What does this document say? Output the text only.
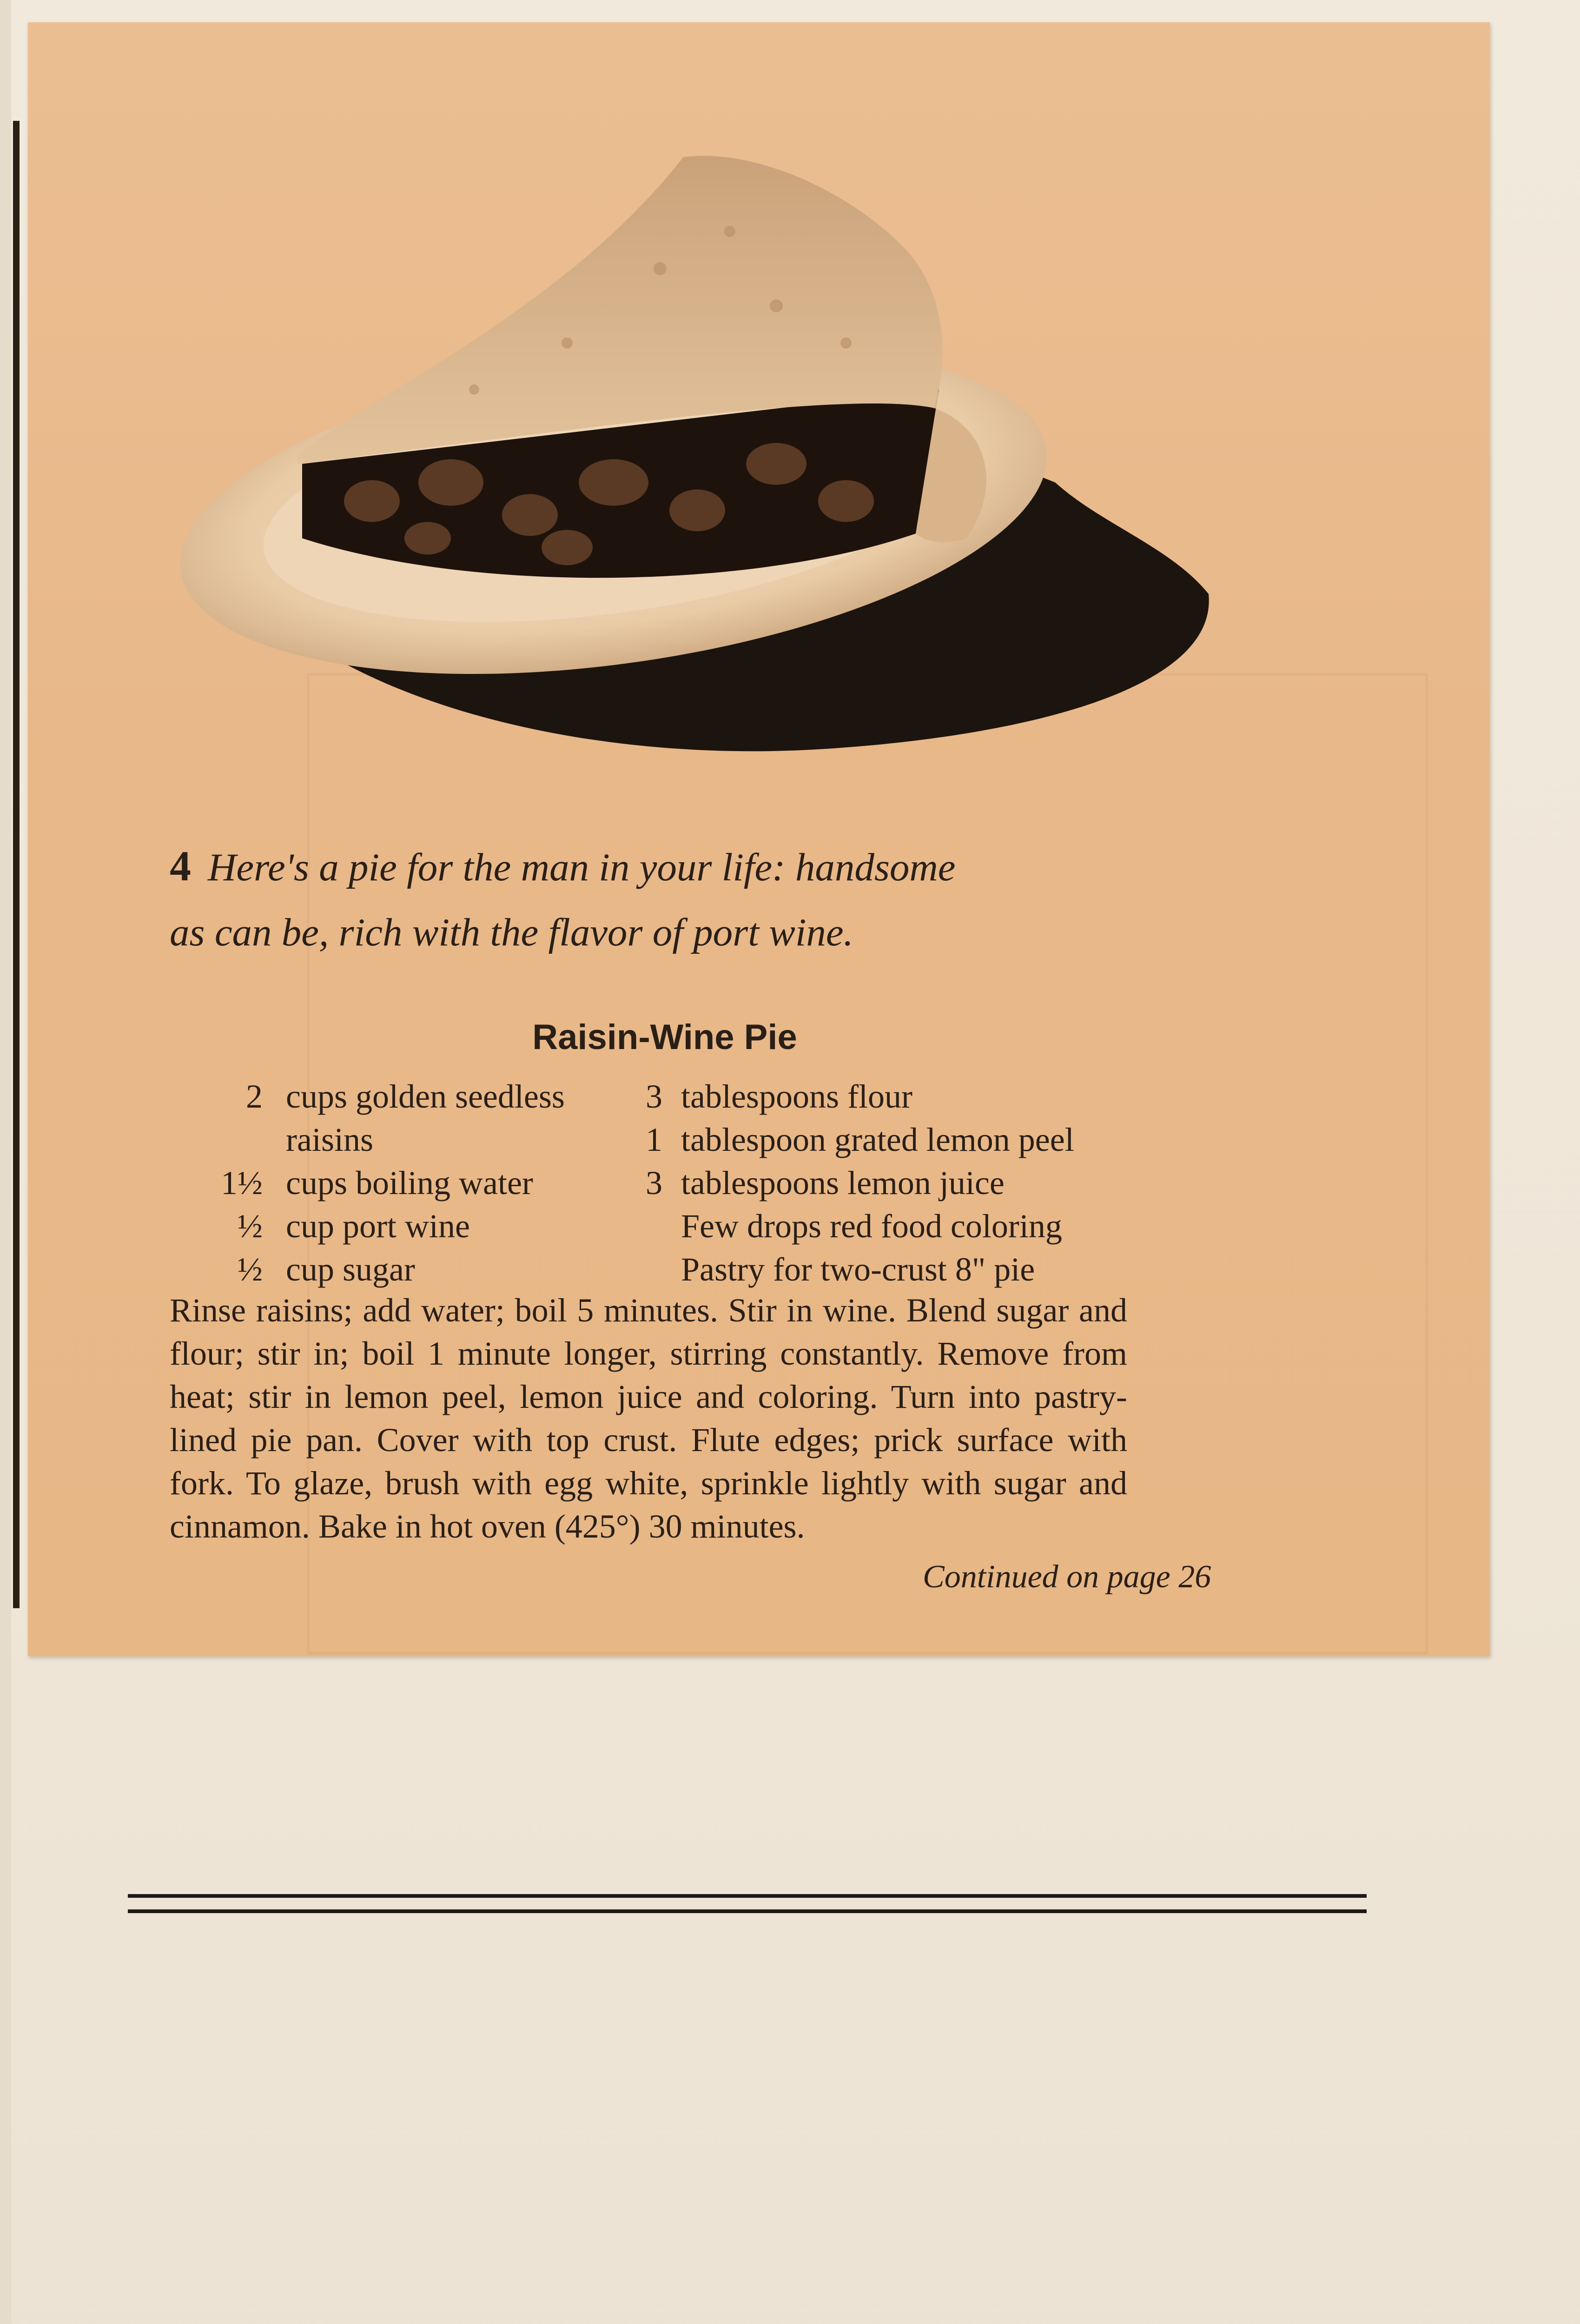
4 Here's a pie for the man in your life: handsome
as can be, rich with the flavor of port wine.
Raisin-Wine Pie
2 cups golden seedless
raisins
1½ cups boiling water
½ cup port wine
½ cup sugar
3 tablespoons flour
1 tablespoon grated lemon peel
3 tablespoons lemon juice
Few drops red food coloring
Pastry for two-crust 8" pie
Rinse raisins; add water; boil 5 minutes. Stir in wine. Blend sugar and flour; stir in; boil 1 minute longer, stirring constantly. Remove from heat; stir in lemon peel, lemon juice and coloring. Turn into pastry-lined pie pan. Cover with top crust. Flute edges; prick surface with fork. To glaze, brush with egg white, sprinkle lightly with sugar and cinnamon. Bake in hot oven (425°) 30 minutes.
Continued on page 26
